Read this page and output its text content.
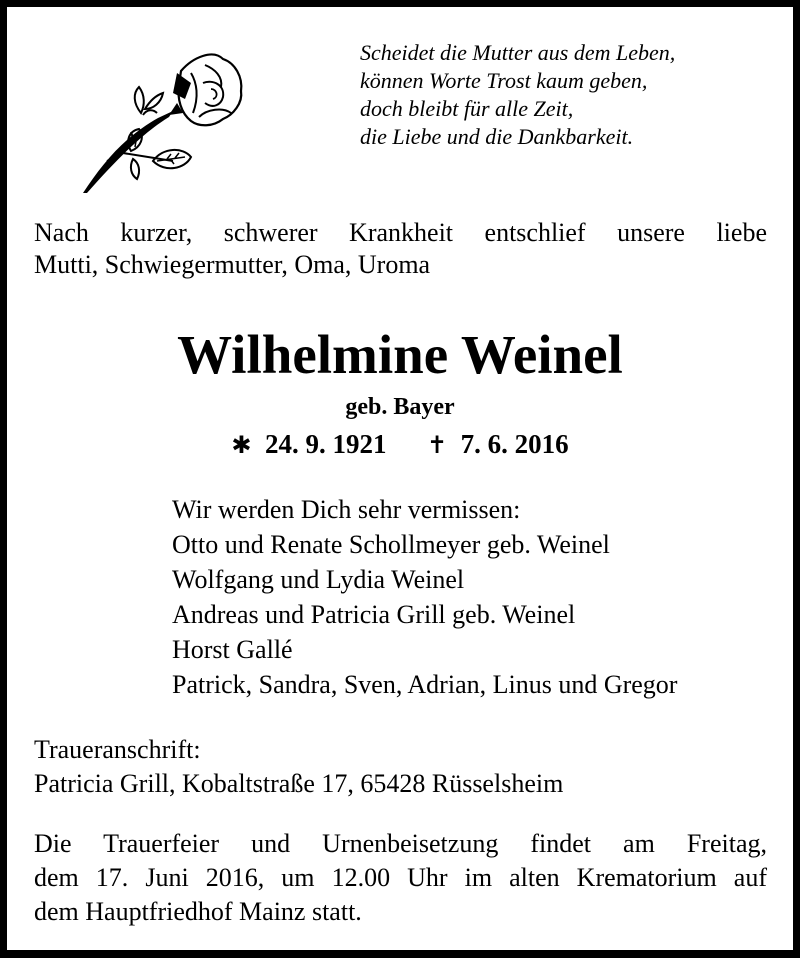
Scheidet die Mutter aus dem Leben,
können Worte Trost kaum geben,
doch bleibt für alle Zeit,
die Liebe und die Dankbarkeit.
Nach kurzer, schwerer Krankheit entschlief unsere liebe
Mutti, Schwiegermutter, Oma, Uroma
Wilhelmine Weinel
geb. Bayer
✱ 24. 9. 1921 ✝ 7. 6. 2016
Wir werden Dich sehr vermissen:
Otto und Renate Schollmeyer geb. Weinel
Wolfgang und Lydia Weinel
Andreas und Patricia Grill geb. Weinel
Horst Gallé
Patrick, Sandra, Sven, Adrian, Linus und Gregor
Traueranschrift:
Patricia Grill, Kobaltstraße 17, 65428 Rüsselsheim
Die Trauerfeier und Urnenbeisetzung findet am Freitag,
dem 17. Juni 2016, um 12.00 Uhr im alten Krematorium auf
dem Hauptfriedhof Mainz statt.
